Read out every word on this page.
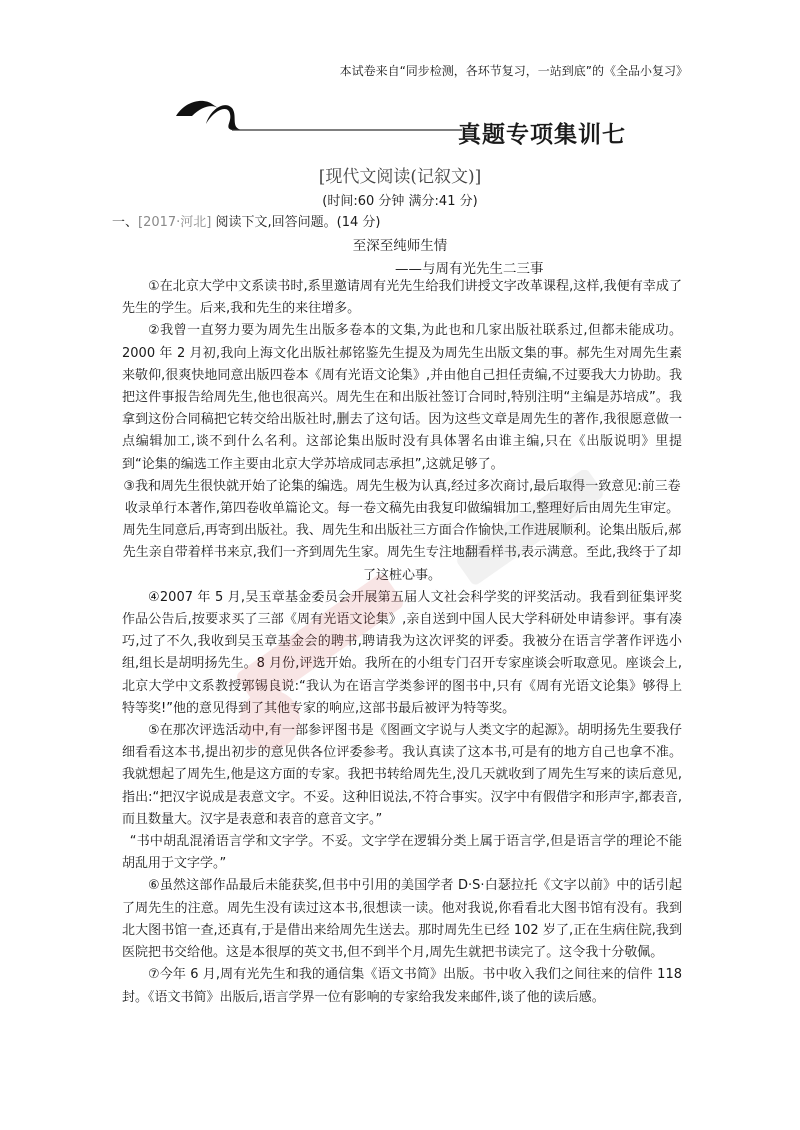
本试卷来自“同步检测，各环节复习，一站到底”的《全品小复习》
真题专项集训七
[现代文阅读(记叙文)]
(时间:60 分钟 满分:41 分)
一、[2017·河北] 阅读下文,回答问题。(14 分)
至深至纯师生情
——与周有光先生二三事

①在北京大学中文系读书时,系里邀请周有光先生给我们讲授文字改革课程,这样,我便有幸成了先生的学生。后来,我和先生的来往增多。

②我曾一直努力要为周先生出版多卷本的文集,为此也和几家出版社联系过,但都未能成功。2000 年 2 月初,我向上海文化出版社郝铭鉴先生提及为周先生出版文集的事。郝先生对周先生素来敬仰,很爽快地同意出版四卷本《周有光语文论集》,并由他自己担任责编,不过要我大力协助。我把这件事报告给周先生,他也很高兴。周先生在和出版社签订合同时,特别注明“主编是苏培成”。我拿到这份合同稿把它转交给出版社时,删去了这句话。因为这些文章是周先生的著作,我很愿意做一点编辑加工,谈不到什么名利。这部论集出版时没有具体署名由谁主编,只在《出版说明》里提到“论集的编选工作主要由北京大学苏培成同志承担”,这就足够了。

③我和周先生很快就开始了论集的编选。周先生极为认真,经过多次商讨,最后取得一致意见:前三卷收录单行本著作,第四卷收单篇论文。每一卷文稿先由我复印做编辑加工,整理好后由周先生审定。周先生同意后,再寄到出版社。我、周先生和出版社三方面合作愉快,工作进展顺利。论集出版后,郝先生亲自带着样书来京,我们一齐到周先生家。周先生专注地翻看样书,表示满意。至此,我终于了却了这桩心事。

④2007 年 5 月,吴玉章基金委员会开展第五届人文社会科学奖的评奖活动。我看到征集评奖作品公告后,按要求买了三部《周有光语文论集》,亲自送到中国人民大学科研处申请参评。事有凑巧,过了不久,我收到吴玉章基金会的聘书,聘请我为这次评奖的评委。我被分在语言学著作评选小组,组长是胡明扬先生。8 月份,评选开始。我所在的小组专门召开专家座谈会听取意见。座谈会上,北京大学中文系教授郭锡良说:“我认为在语言学类参评的图书中,只有《周有光语文论集》够得上特等奖!”他的意见得到了其他专家的响应,这部书最后被评为特等奖。

⑤在那次评选活动中,有一部参评图书是《图画文字说与人类文字的起源》。胡明扬先生要我仔细看看这本书,提出初步的意见供各位评委参考。我认真读了这本书,可是有的地方自己也拿不准。我就想起了周先生,他是这方面的专家。我把书转给周先生,没几天就收到了周先生写来的读后意见,指出:“把汉字说成是表意文字。不妥。这种旧说法,不符合事实。汉字中有假借字和形声字,都表音,而且数量大。汉字是表意和表音的意音文字。”

“书中胡乱混淆语言学和文字学。不妥。文字学在逻辑分类上属于语言学,但是语言学的理论不能胡乱用于文字学。”

⑥虽然这部作品最后未能获奖,但书中引用的美国学者 D·S·白瑟拉托《文字以前》中的话引起了周先生的注意。周先生没有读过这本书,很想读一读。他对我说,你看看北大图书馆有没有。我到北大图书馆一查,还真有,于是借出来给周先生送去。那时周先生已经 102 岁了,正在生病住院,我到医院把书交给他。这是本很厚的英文书,但不到半个月,周先生就把书读完了。这令我十分敬佩。

⑦今年 6 月,周有光先生和我的通信集《语文书简》出版。书中收入我们之间往来的信件 118 封。《语文书简》出版后,语言学界一位有影响的专家给我发来邮件,谈了他的读后感。
